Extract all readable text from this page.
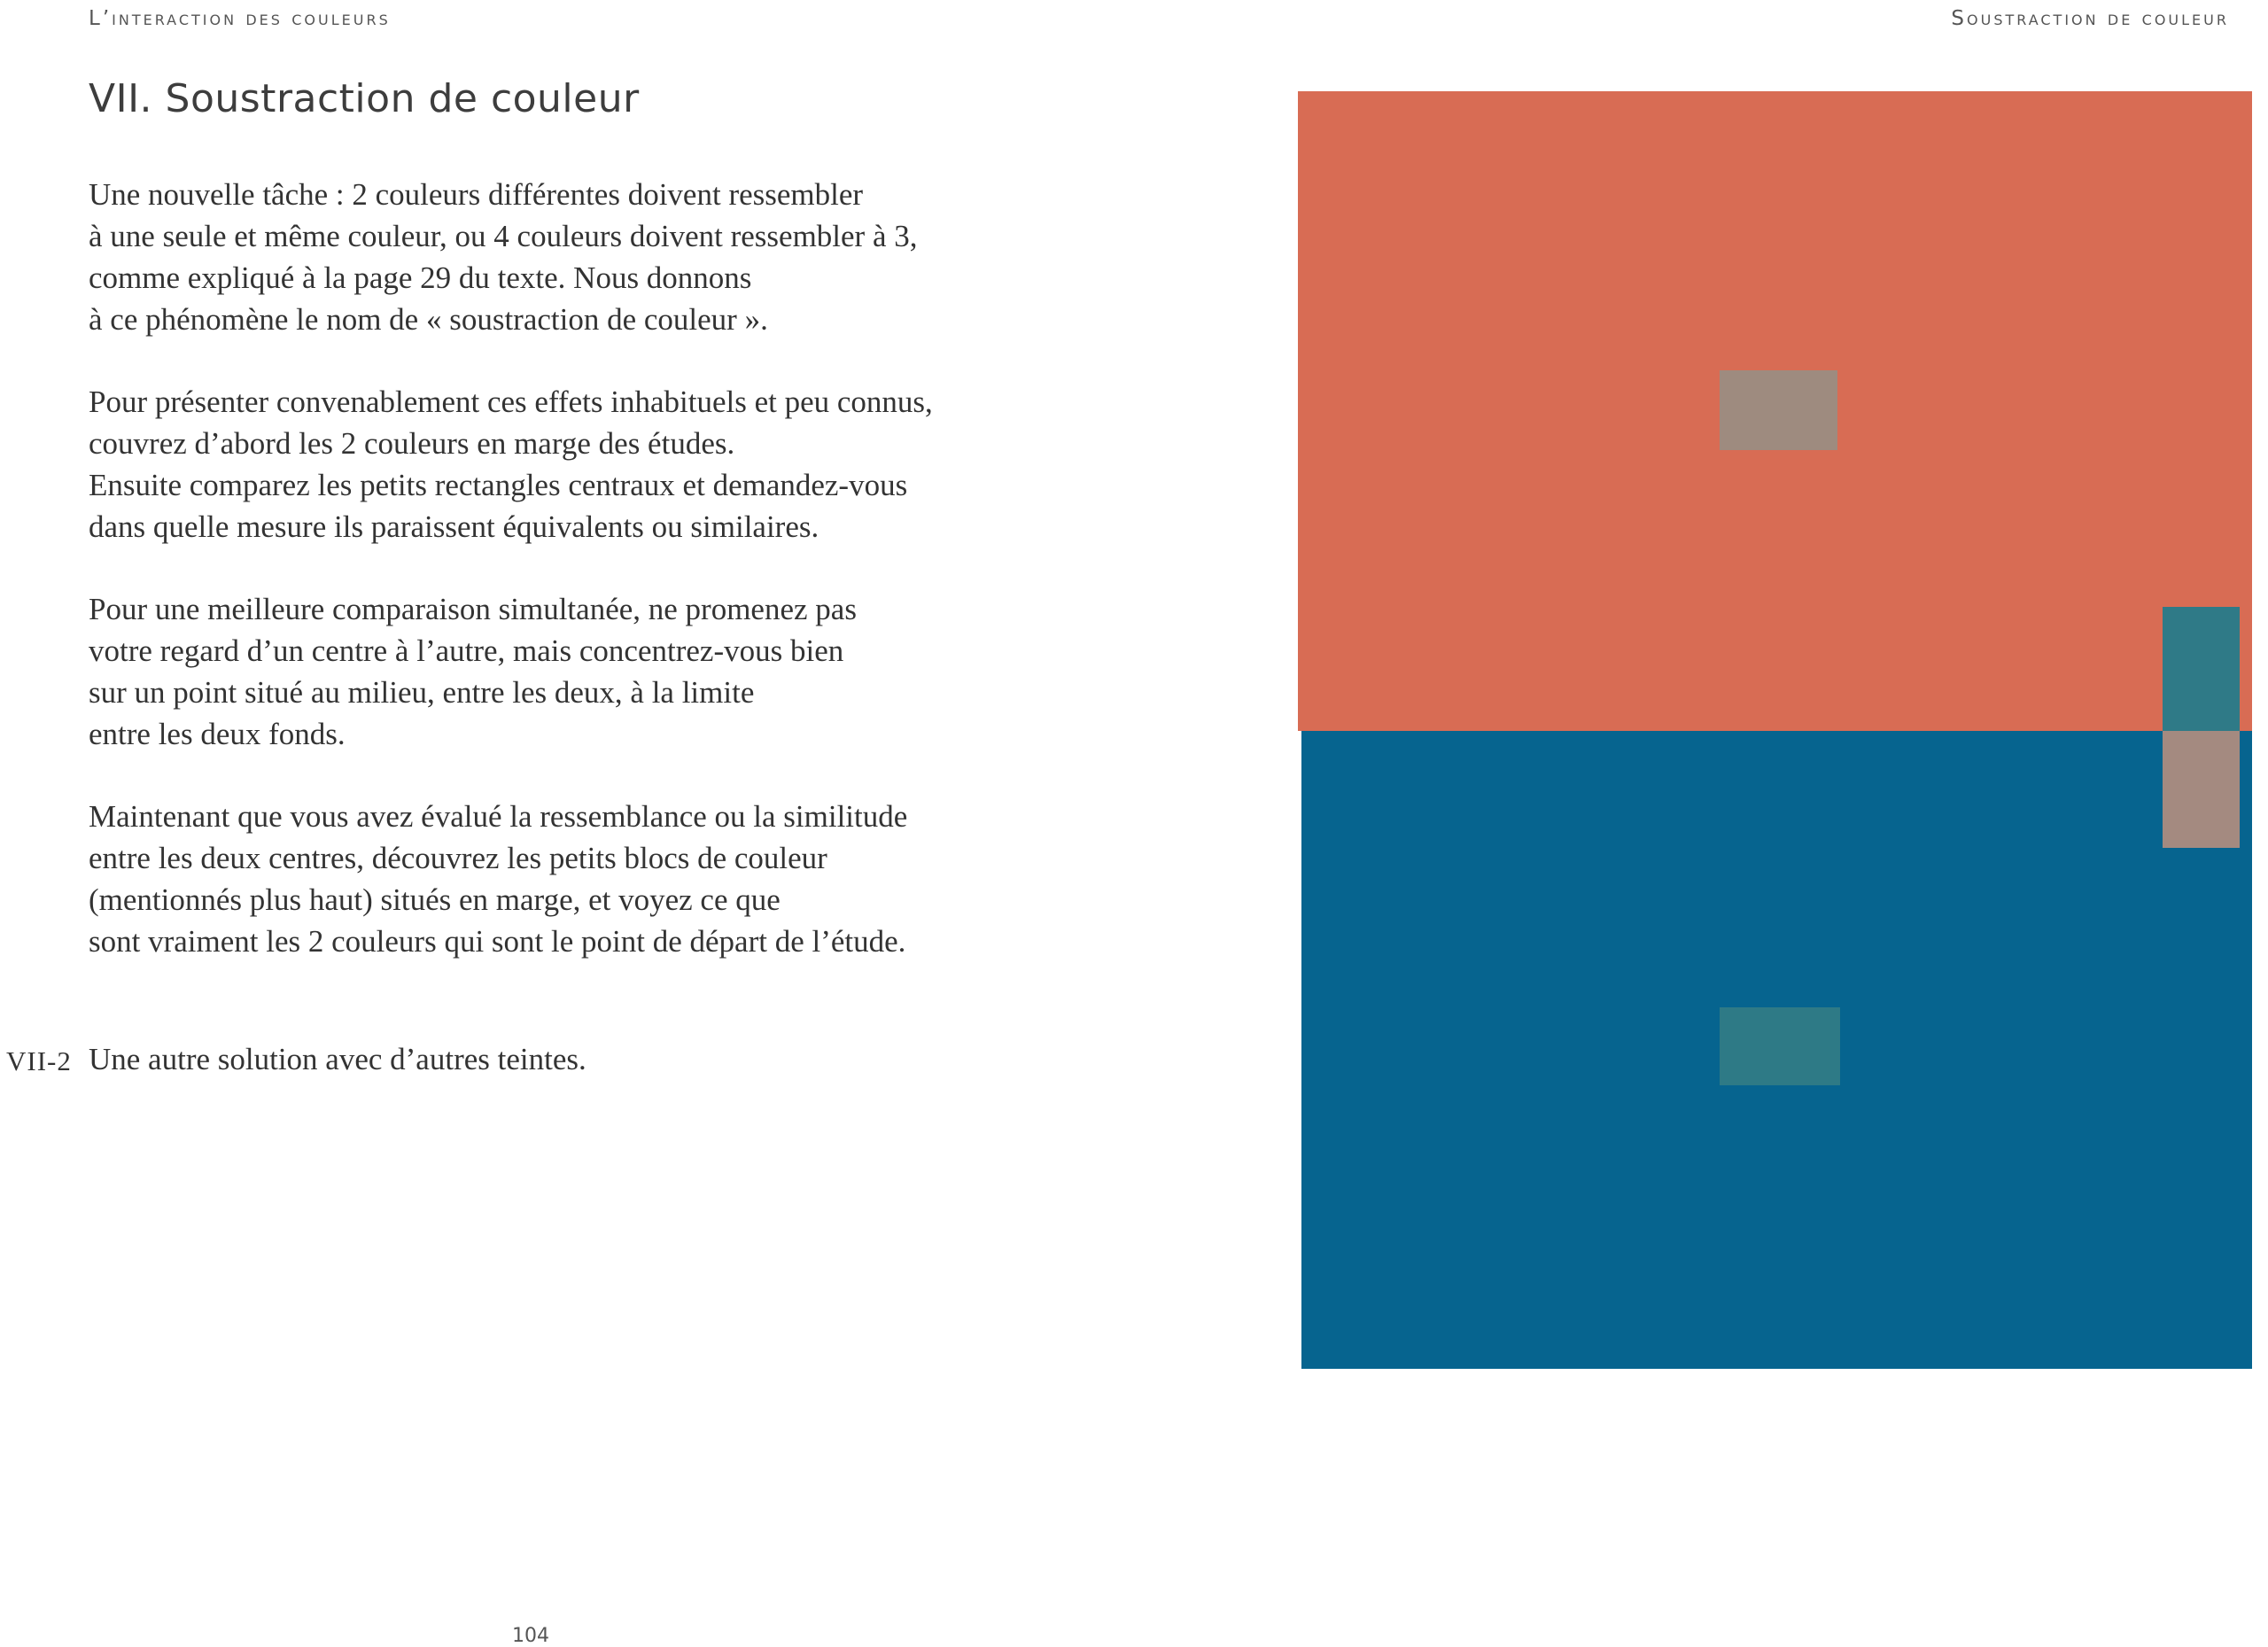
L’interaction des couleurs	Soustraction de couleur
VII. Soustraction de couleur

Une nouvelle tâche : 2 couleurs différentes doivent ressembler
à une seule et même couleur, ou 4 couleurs doivent ressembler à 3,
comme expliqué à la page 29 du texte. Nous donnons
à ce phénomène le nom de « soustraction de couleur ».

Pour présenter convenablement ces effets inhabituels et peu connus,
couvrez d’abord les 2 couleurs en marge des études.
Ensuite comparez les petits rectangles centraux et demandez-vous
dans quelle mesure ils paraissent équivalents ou similaires.

Pour une meilleure comparaison simultanée, ne promenez pas
votre regard d’un centre à l’autre, mais concentrez-vous bien
sur un point situé au milieu, entre les deux, à la limite
entre les deux fonds.

Maintenant que vous avez évalué la ressemblance ou la similitude
entre les deux centres, découvrez les petits blocs de couleur
(mentionnés plus haut) situés en marge, et voyez ce que
sont vraiment les 2 couleurs qui sont le point de départ de l’étude.

VII-2 Une autre solution avec d’autres teintes.
104
